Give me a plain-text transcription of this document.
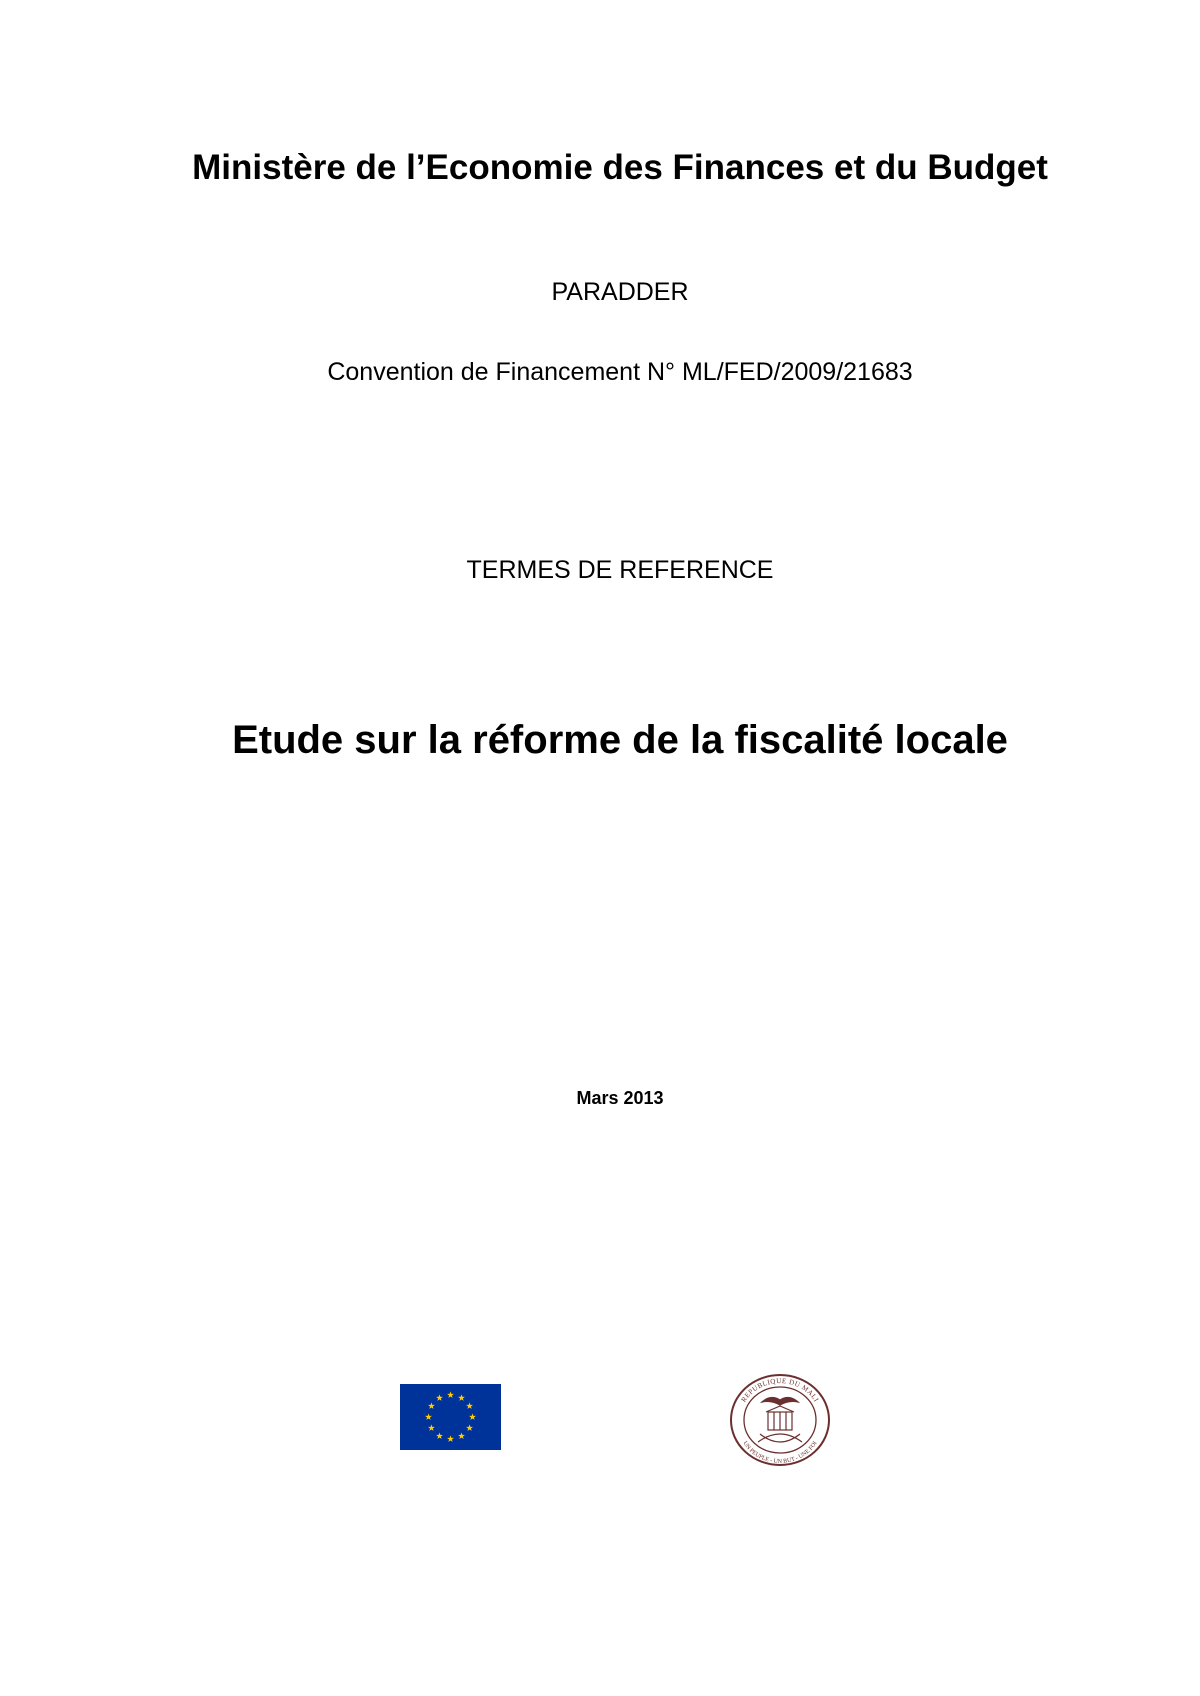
Ministère de l’Economie des Finances et du Budget
PARADDER
Convention de Financement N° ML/FED/2009/21683
TERMES DE REFERENCE
Etude sur la réforme de la fiscalité locale
Mars 2013
REPUBLIQUE DU MALI
UN PEUPLE - UN BUT - UNE FOI
